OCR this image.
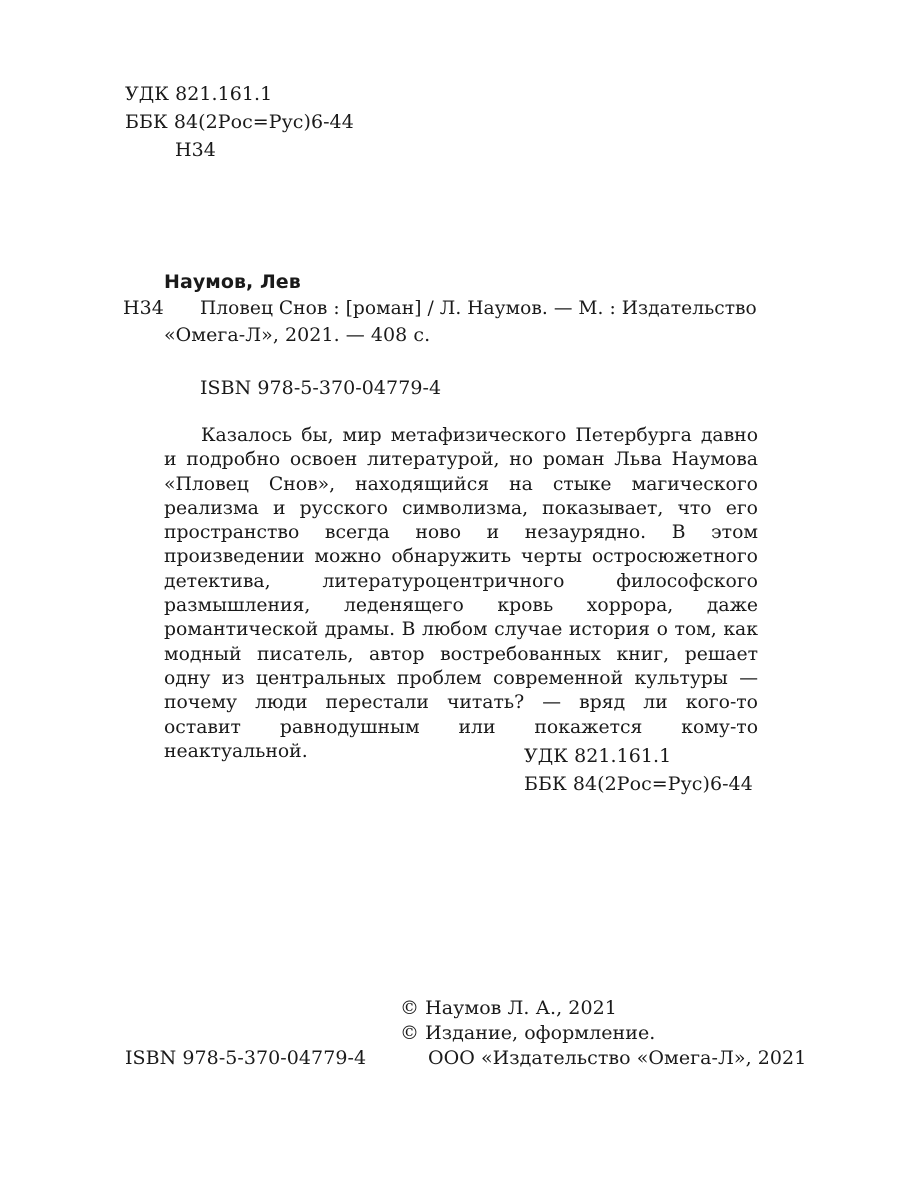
УДК 821.161.1
ББК 84(2Рос=Рус)6-44
Н34
Наумов, Лев
Н34 Пловец Снов : [роман] / Л. Наумов. — М. : Издательство
«Омега-Л», 2021. — 408 с.
ISBN 978-5-370-04779-4

Казалось бы, мир метафизического Петербурга давно и подробно освоен литературой, но роман Льва Наумова «Пловец Снов», находящийся на стыке магического реализма и русского символизма, показывает, что его пространство всегда ново и незаурядно. В этом произведении можно обнаружить черты остросюжетного детектива, литературоцентричного философского размышления, леденящего кровь хоррора, даже романтической драмы. В любом случае история о том, как модный писатель, автор востребованных книг, решает одну из центральных проблем современной культуры — почему люди перестали читать? — вряд ли кого-то оставит равнодушным или покажется кому-то неактуальной.	УДК 821.161.1
ББК 84(2Рос=Рус)6-44
© Наумов Л. А., 2021
© Издание, оформление.
ISBN 978-5-370-04779-4	ООО «Издательство «Омега-Л», 2021
